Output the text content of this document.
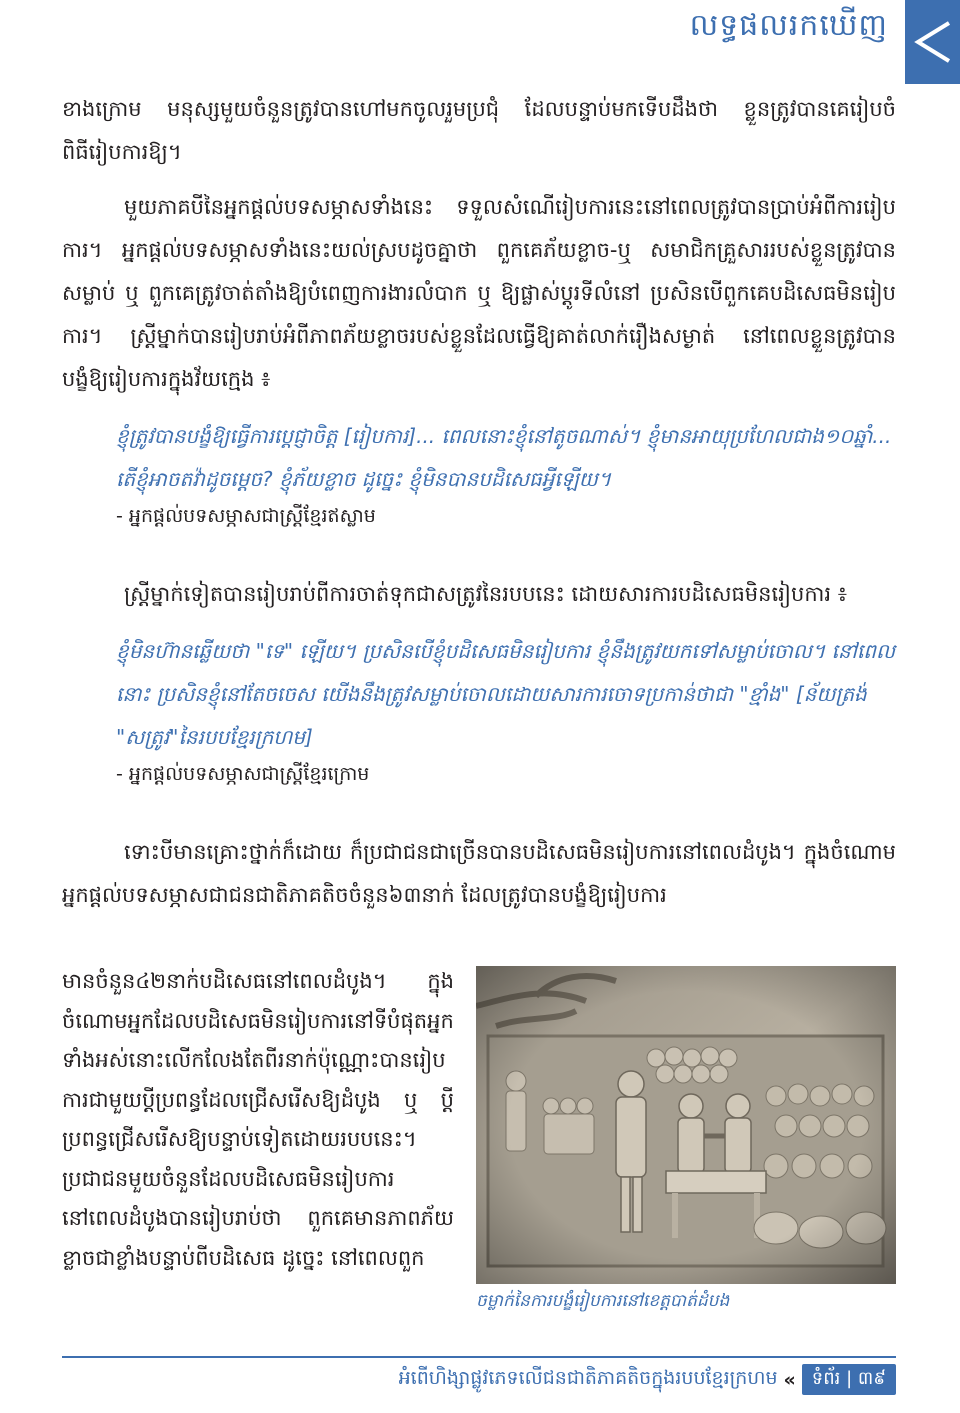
លទ្ធផលរកឃើញ

ខាងក្រោម មនុស្សមួយចំនួនត្រូវបានហៅមកចូលរួមប្រជុំ ដែលបន្ទាប់មកទើបដឹងថា ខ្លួនត្រូវបានគេរៀបចំពិធីរៀបការឱ្យ។

មួយភាគបីនៃអ្នកផ្តល់បទសម្ភាសទាំងនេះ ទទួលសំណើរៀបការនេះនៅពេលត្រូវបានប្រាប់អំពីការរៀបការ។ អ្នកផ្តល់បទសម្ភាសទាំងនេះយល់ស្របដូចគ្នាថា ពួកគេភ័យខ្លាច-ឬ សមាជិកគ្រួសាររបស់ខ្លួនត្រូវបានសម្លាប់ ឬ ពួកគេត្រូវចាត់តាំងឱ្យបំពេញការងារលំបាក ឬ ឱ្យផ្លាស់ប្តូរទីលំនៅ ប្រសិនបើពួកគេបដិសេធមិនរៀបការ។ ស្ត្រីម្នាក់បានរៀបរាប់អំពីភាពភ័យខ្លាចរបស់ខ្លួនដែលធ្វើឱ្យគាត់លាក់រឿងសម្ងាត់ នៅពេលខ្លួនត្រូវបានបង្ខំឱ្យរៀបការក្នុងវ័យក្មេង ៖

ខ្ញុំត្រូវបានបង្ខំឱ្យធ្វើការប្តេជ្ញាចិត្ត [រៀបការ]... ពេលនោះខ្ញុំនៅតូចណាស់។ ខ្ញុំមានអាយុប្រហែលជាង១០ឆ្នាំ... តើខ្ញុំអាចតវ៉ាដូចម្តេច? ខ្ញុំភ័យខ្លាច ដូច្នេះ ខ្ញុំមិនបានបដិសេធអ្វីឡើយ។
- អ្នកផ្តល់បទសម្ភាសជាស្ត្រីខ្មែរឥស្លាម

ស្ត្រីម្នាក់ទៀតបានរៀបរាប់ពីការចាត់ទុកជាសត្រូវនៃរបបនេះ ដោយសារការបដិសេធមិនរៀបការ ៖

ខ្ញុំមិនហ៊ានឆ្លើយថា "ទេ" ឡើយ។ ប្រសិនបើខ្ញុំបដិសេធមិនរៀបការ ខ្ញុំនឹងត្រូវយកទៅសម្លាប់ចោល។ នៅពេលនោះ ប្រសិនខ្ញុំនៅតែចចេស យើងនឹងត្រូវសម្លាប់ចោលដោយសារការចោទប្រកាន់ថាជា "ខ្មាំង" [ន័យត្រង់ "សត្រូវ"នៃរបបខ្មែរក្រហម]
- អ្នកផ្តល់បទសម្ភាសជាស្ត្រីខ្មែរក្រោម

ទោះបីមានគ្រោះថ្នាក់ក៏ដោយ ក៏ប្រជាជនជាច្រើនបានបដិសេធមិនរៀបការនៅពេលដំបូង។ ក្នុងចំណោមអ្នកផ្តល់បទសម្ភាសជាជនជាតិភាគតិចចំនួន៦៣នាក់ ដែលត្រូវបានបង្ខំឱ្យរៀបការ

មានចំនួន៤២នាក់បដិសេធនៅពេលដំបូង។ ក្នុងចំណោមអ្នកដែលបដិសេធមិនរៀបការនៅទីបំផុតអ្នកទាំងអស់នោះលើកលែងតែពីរនាក់ប៉ុណ្ណោះបានរៀបការជាមួយប្តីប្រពន្ធដែលជ្រើសរើសឱ្យដំបូង ឬ ប្តីប្រពន្ធជ្រើសរើសឱ្យបន្ទាប់ទៀតដោយរបបនេះ។ ប្រជាជនមួយចំនួនដែលបដិសេធមិនរៀបការនៅពេលដំបូងបានរៀបរាប់ថា ពួកគេមានភាពភ័យខ្លាចជាខ្លាំងបន្ទាប់ពីបដិសេធ ដូច្នេះ នៅពេលពួក
ចម្លាក់នៃការបង្ខំរៀបការនៅខេត្តបាត់ដំបង
អំពើហិង្សាផ្លូវភេទលើជនជាតិភាគតិចក្នុងរបបខ្មែរក្រហម « ទំព័រ | ៣៩
